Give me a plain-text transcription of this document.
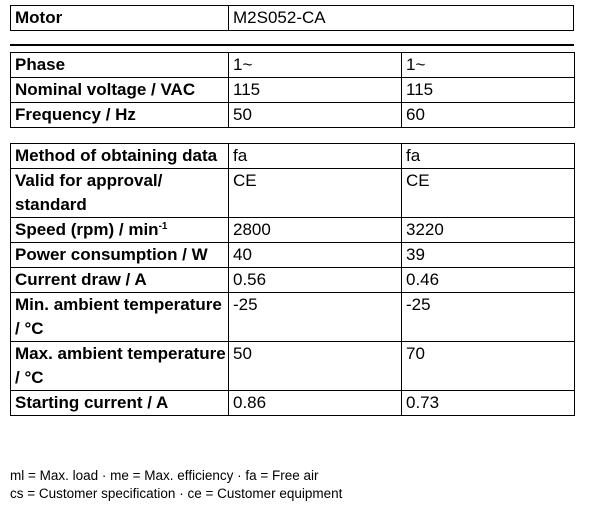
Motor	M2S052-CA
Phase	1~	1~
Nominal voltage / VAC	115	115
Frequency / Hz	50	60
Method of obtaining data	fa	fa
Valid for approval/ standard	CE	CE
Speed $(rpm) / \min^{-1}$	2800	3220
Power consumption / W	40	39
Current draw / A	0.56	0.46
Min. ambient temperature / °C	-25	-25
Max. ambient temperature / °C	50	70
Starting current / A	0.86	0.73
ml = Max. load · me = Max. efficiency · fa = Free air
cs = Customer specification · ce = Customer equipment
